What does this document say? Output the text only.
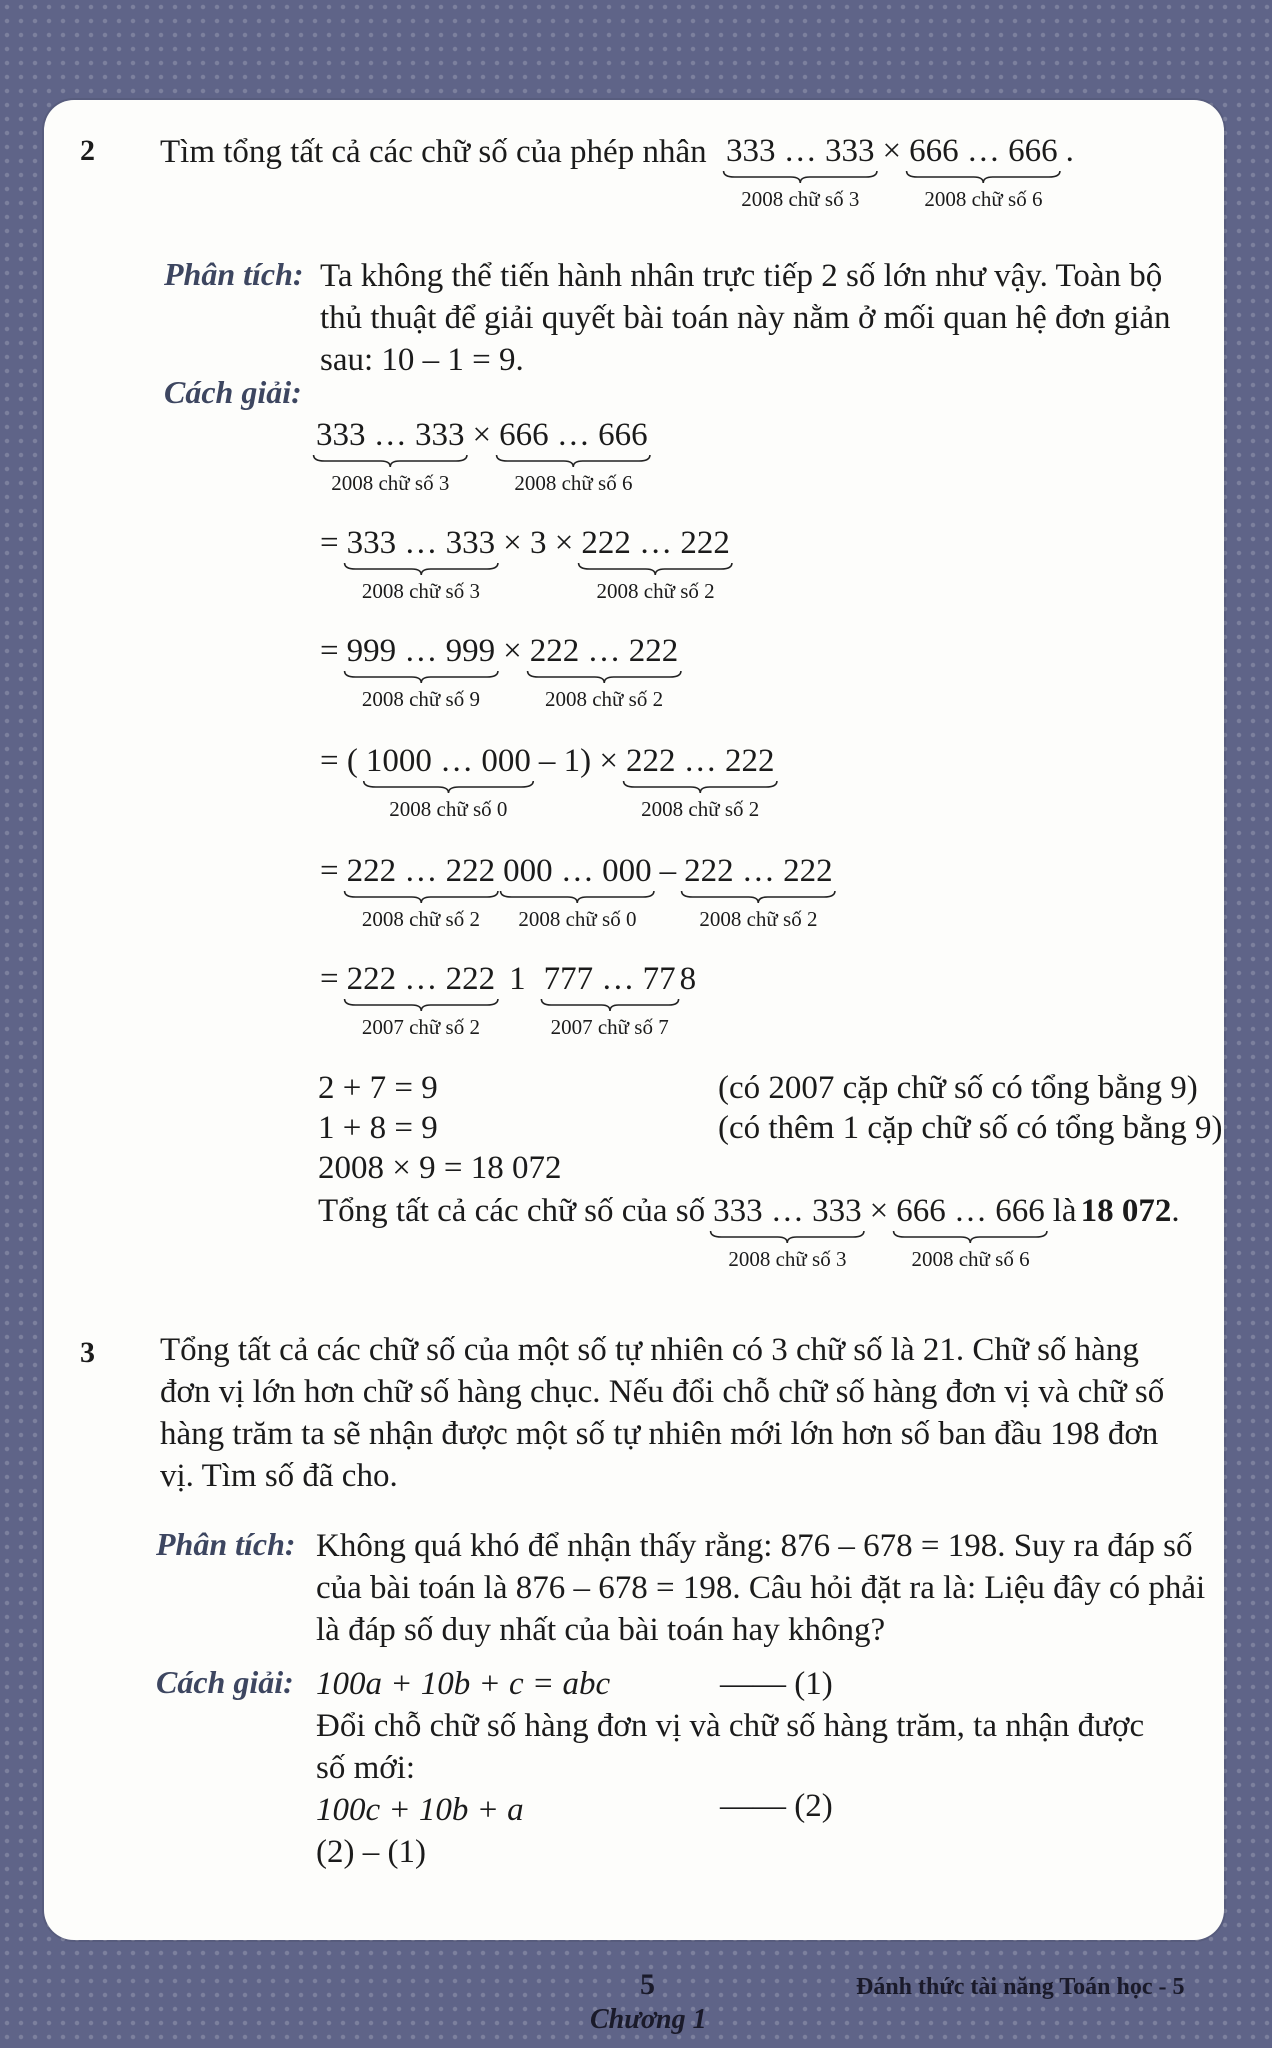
2 Tìm tổng tất cả các chữ số của phép nhân 333 … 333
2008 chữ số 3
× 666 … 666
2008 chữ số 6
.
Phân tích: Ta không thể tiến hành nhân trực tiếp 2 số lớn như vậy. Toàn bộ
thủ thuật để giải quyết bài toán này nằm ở mối quan hệ đơn giản
sau: 10 – 1 = 9.
Cách giải:
333 … 333
2008 chữ số 3
× 666 … 666
2008 chữ số 6
= 333 … 333
2008 chữ số 3
× 3 × 222 … 222
2008 chữ số 2
= 999 … 999
2008 chữ số 9
× 222 … 222
2008 chữ số 2
= ( 1000 … 000
2008 chữ số 0
– 1) × 222 … 222
2008 chữ số 2
= 222 … 222
2008 chữ số 2
000 … 000
2008 chữ số 0
– 222 … 222
2008 chữ số 2
= 222 … 222
2007 chữ số 2
1 777 … 77
2007 chữ số 7
8
2 + 7 = 9	(có 2007 cặp chữ số có tổng bằng 9)
1 + 8 = 9	(có thêm 1 cặp chữ số có tổng bằng 9)
2008 × 9 = 18 072
Tổng tất cả các chữ số của số 333 … 333
2008 chữ số 3
× 666 … 666
2008 chữ số 6
là 18 072.
3 Tổng tất cả các chữ số của một số tự nhiên có 3 chữ số là 21. Chữ số hàng
đơn vị lớn hơn chữ số hàng chục. Nếu đổi chỗ chữ số hàng đơn vị và chữ số
hàng trăm ta sẽ nhận được một số tự nhiên mới lớn hơn số ban đầu 198 đơn
vị. Tìm số đã cho.
Phân tích: Không quá khó để nhận thấy rằng: 876 – 678 = 198. Suy ra đáp số
của bài toán là 876 – 678 = 198. Câu hỏi đặt ra là: Liệu đây có phải
là đáp số duy nhất của bài toán hay không?
Cách giải: 100a + 10b + c = abc	—— (1)
Đổi chỗ chữ số hàng đơn vị và chữ số hàng trăm, ta nhận được
số mới:
100c + 10b + a	—— (2)
(2) – (1)
5
Chương 1
Đánh thức tài năng Toán học - 5
